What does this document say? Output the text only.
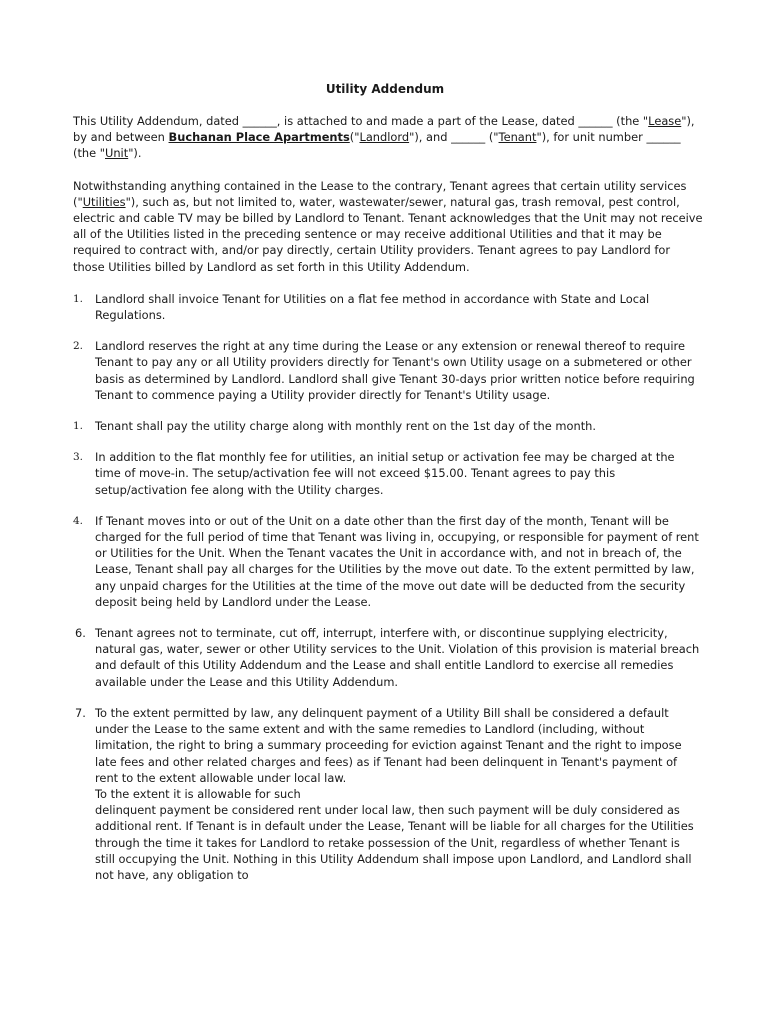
Utility Addendum

This Utility Addendum, dated ______, is attached to and made a part of the Lease, dated ______ (the "Lease"), by and between Buchanan Place Apartments("Landlord"), and ______ ("Tenant"), for unit number ______ (the "Unit").

Notwithstanding anything contained in the Lease to the contrary, Tenant agrees that certain utility services ("Utilities"), such as, but not limited to, water, wastewater/sewer, natural gas, trash removal, pest control, electric and cable TV may be billed by Landlord to Tenant. Tenant acknowledges that the Unit may not receive all of the Utilities listed in the preceding sentence or may receive additional Utilities and that it may be required to contract with, and/or pay directly, certain Utility providers. Tenant agrees to pay Landlord for those Utilities billed by Landlord as set forth in this Utility Addendum.

1. Landlord shall invoice Tenant for Utilities on a flat fee method in accordance with State and Local Regulations.
2. Landlord reserves the right at any time during the Lease or any extension or renewal thereof to require Tenant to pay any or all Utility providers directly for Tenant's own Utility usage on a submetered or other basis as determined by Landlord. Landlord shall give Tenant 30-days prior written notice before requiring Tenant to commence paying a Utility provider directly for Tenant's Utility usage.
1. Tenant shall pay the utility charge along with monthly rent on the 1st day of the month.
3. In addition to the flat monthly fee for utilities, an initial setup or activation fee may be charged at the time of move-in. The setup/activation fee will not exceed $15.00. Tenant agrees to pay this setup/activation fee along with the Utility charges.
4. If Tenant moves into or out of the Unit on a date other than the first day of the month, Tenant will be charged for the full period of time that Tenant was living in, occupying, or responsible for payment of rent or Utilities for the Unit. When the Tenant vacates the Unit in accordance with, and not in breach of, the Lease, Tenant shall pay all charges for the Utilities by the move out date. To the extent permitted by law, any unpaid charges for the Utilities at the time of the move out date will be deducted from the security deposit being held by Landlord under the Lease.
6. Tenant agrees not to terminate, cut off, interrupt, interfere with, or discontinue supplying electricity, natural gas, water, sewer or other Utility services to the Unit. Violation of this provision is material breach and default of this Utility Addendum and the Lease and shall entitle Landlord to exercise all remedies available under the Lease and this Utility Addendum.
7. To the extent permitted by law, any delinquent payment of a Utility Bill shall be considered a default under the Lease to the same extent and with the same remedies to Landlord (including, without limitation, the right to bring a summary proceeding for eviction against Tenant and the right to impose late fees and other related charges and fees) as if Tenant had been delinquent in Tenant's payment of rent to the extent allowable under local law.
To the extent it is allowable for such
delinquent payment be considered rent under local law, then such payment will be duly considered as additional rent. If Tenant is in default under the Lease, Tenant will be liable for all charges for the Utilities through the time it takes for Landlord to retake possession of the Unit, regardless of whether Tenant is still occupying the Unit. Nothing in this Utility Addendum shall impose upon Landlord, and Landlord shall not have, any obligation to
